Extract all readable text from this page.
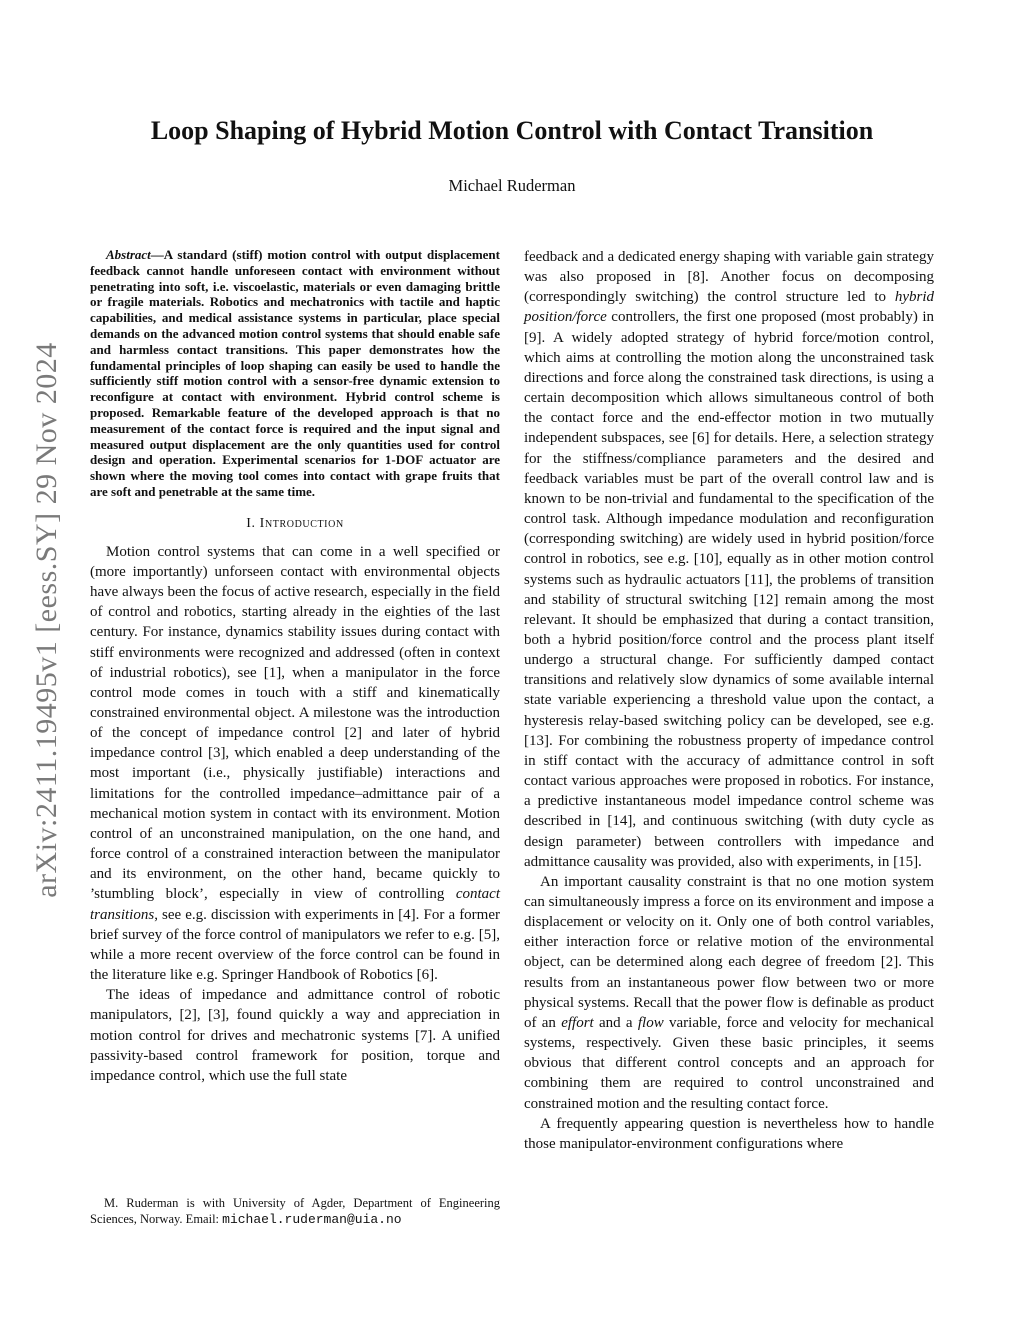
arXiv:2411.19495v1 [eess.SY] 29 Nov 2024
Loop Shaping of Hybrid Motion Control with Contact Transition
Michael Ruderman

Abstract—A standard (stiff) motion control with output displacement feedback cannot handle unforeseen contact with environment without penetrating into soft, i.e. viscoelastic, materials or even damaging brittle or fragile materials. Robotics and mechatronics with tactile and haptic capabilities, and medical assistance systems in particular, place special demands on the advanced motion control systems that should enable safe and harmless contact transitions. This paper demonstrates how the fundamental principles of loop shaping can easily be used to handle the sufficiently stiff motion control with a sensor-free dynamic extension to reconfigure at contact with environment. Hybrid control scheme is proposed. Remarkable feature of the developed approach is that no measurement of the contact force is required and the input signal and measured output displacement are the only quantities used for control design and operation. Experimental scenarios for 1-DOF actuator are shown where the moving tool comes into contact with grape fruits that are soft and penetrable at the same time.

I. Introduction

Motion control systems that can come in a well specified or (more importantly) unforseen contact with environmental objects have always been the focus of active research, especially in the field of control and robotics, starting already in the eighties of the last century. For instance, dynamics stability issues during contact with stiff environments were recognized and addressed (often in context of industrial robotics), see [1], when a manipulator in the force control mode comes in touch with a stiff and kinematically constrained environmental object. A milestone was the introduction of the concept of impedance control [2] and later of hybrid impedance control [3], which enabled a deep understanding of the most important (i.e., physically justifiable) interactions and limitations for the controlled impedance–admittance pair of a mechanical motion system in contact with its environment. Motion control of an unconstrained manipulation, on the one hand, and force control of a constrained interaction between the manipulator and its environment, on the other hand, became quickly to ’stumbling block’, especially in view of controlling contact transitions, see e.g. discission with experiments in [4]. For a former brief survey of the force control of manipulators we refer to e.g. [5], while a more recent overview of the force control can be found in the literature like e.g. Springer Handbook of Robotics [6].

The ideas of impedance and admittance control of robotic manipulators, [2], [3], found quickly a way and appreciation in motion control for drives and mechatronic systems [7]. A unified passivity-based control framework for position, torque and impedance control, which use the full state

feedback and a dedicated energy shaping with variable gain strategy was also proposed in [8]. Another focus on decomposing (correspondingly switching) the control structure led to hybrid position/force controllers, the first one proposed (most probably) in [9]. A widely adopted strategy of hybrid force/motion control, which aims at controlling the motion along the unconstrained task directions and force along the constrained task directions, is using a certain decomposition which allows simultaneous control of both the contact force and the end-effector motion in two mutually independent subspaces, see [6] for details. Here, a selection strategy for the stiffness/compliance parameters and the desired and feedback variables must be part of the overall control law and is known to be non-trivial and fundamental to the specification of the control task. Although impedance modulation and reconfiguration (corresponding switching) are widely used in hybrid position/force control in robotics, see e.g. [10], equally as in other motion control systems such as hydraulic actuators [11], the problems of transition and stability of structural switching [12] remain among the most relevant. It should be emphasized that during a contact transition, both a hybrid position/force control and the process plant itself undergo a structural change. For sufficiently damped contact transitions and relatively slow dynamics of some available internal state variable experiencing a threshold value upon the contact, a hysteresis relay-based switching policy can be developed, see e.g. [13]. For combining the robustness property of impedance control in stiff contact with the accuracy of admittance control in soft contact various approaches were proposed in robotics. For instance, a predictive instantaneous model impedance control scheme was described in [14], and continuous switching (with duty cycle as design parameter) between controllers with impedance and admittance causality was provided, also with experiments, in [15].

An important causality constraint is that no one motion system can simultaneously impress a force on its environment and impose a displacement or velocity on it. Only one of both control variables, either interaction force or relative motion of the environmental object, can be determined along each degree of freedom [2]. This results from an instantaneous power flow between two or more physical systems. Recall that the power flow is definable as product of an effort and a flow variable, force and velocity for mechanical systems, respectively. Given these basic principles, it seems obvious that different control concepts and an approach for combining them are required to control unconstrained and constrained motion and the resulting contact force.

A frequently appearing question is nevertheless how to handle those manipulator-environment configurations where

M. Ruderman is with University of Agder, Department of Engineering Sciences, Norway. Email: michael.ruderman@uia.no
